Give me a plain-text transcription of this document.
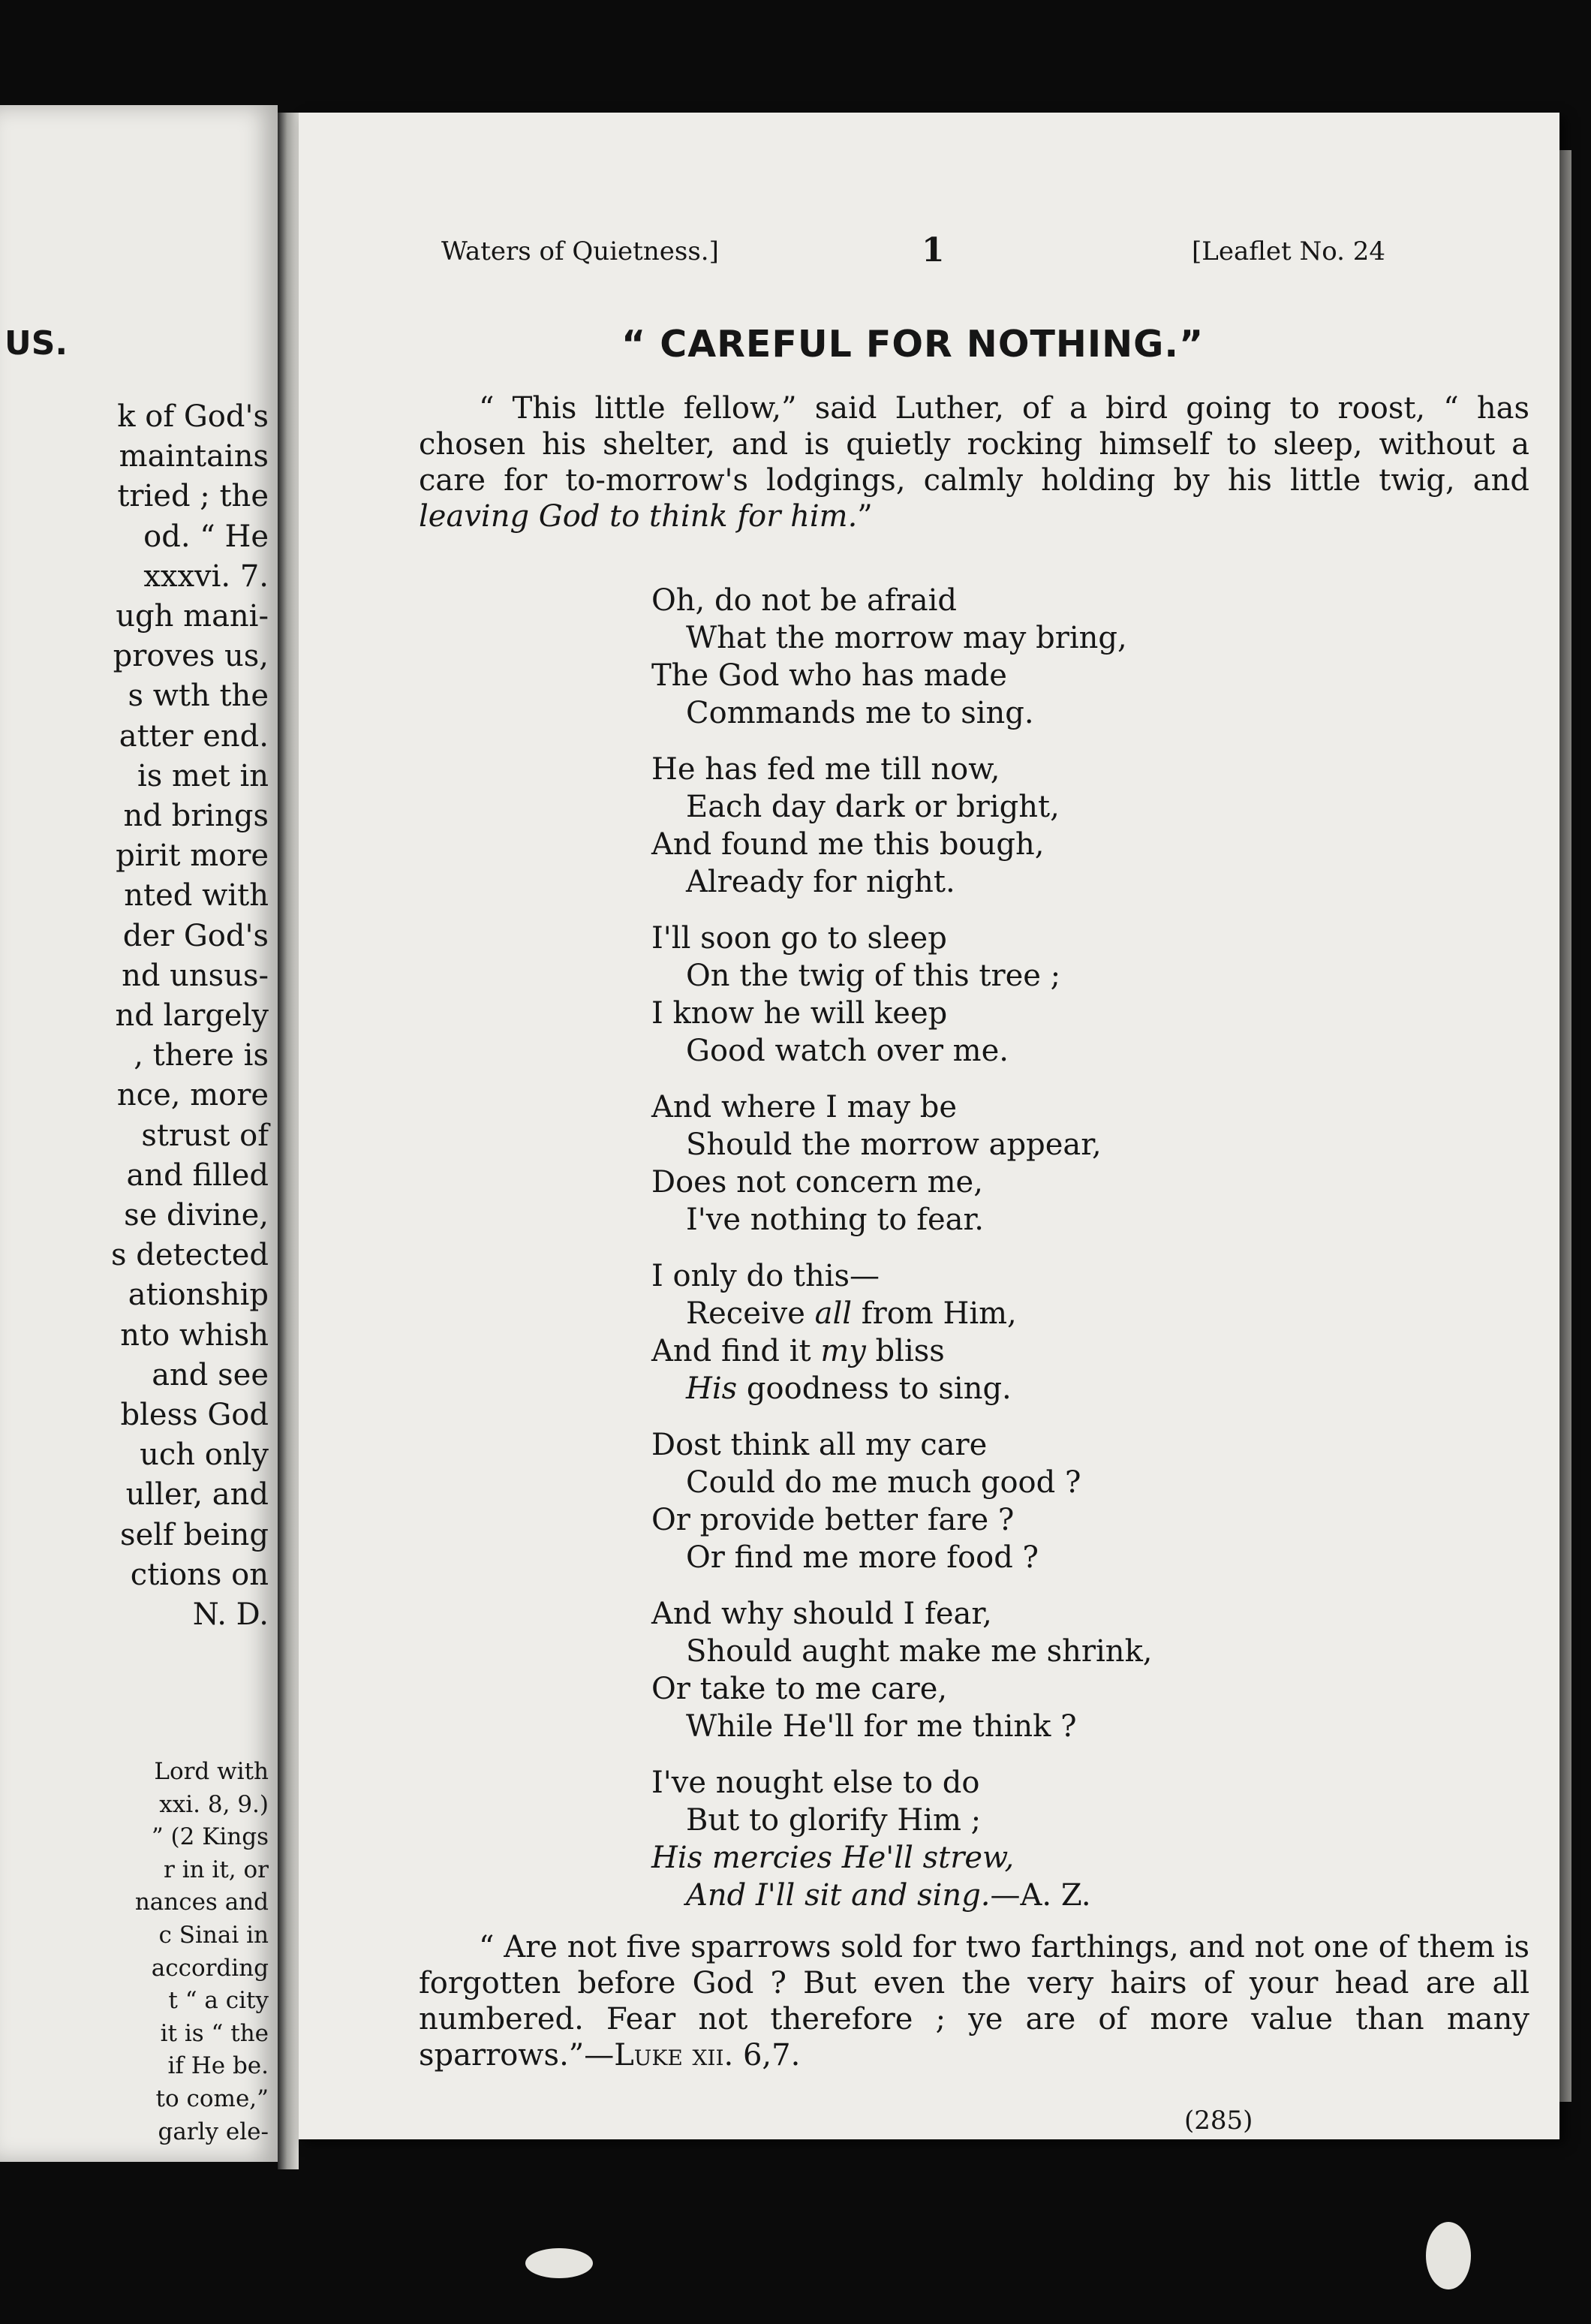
US.
k of God's
maintains
tried ; the
od. “ He
xxxvi. 7.
ugh mani-
proves us,
s wth the
atter end.
is met in
nd brings
pirit more
nted with
der God's
nd unsus-
nd largely
, there is
nce, more
strust of
and filled
se divine,
s detected
ationship
nto whish
and see
bless God
uch only
uller, and
self being
ctions on
N. D.
Lord with
xxi. 8, 9.)
” (2 Kings
r in it, or
nances and
c Sinai in
according
t “ a city
it is “ the
if He be.
to come,”
garly ele-
Waters of Quietness.]	1	[Leaflet No. 24
“ CAREFUL FOR NOTHING.”

“ This little fellow,” said Luther, of a bird going to roost, “ has chosen his shelter, and is quietly rocking himself to sleep, without a care for to-morrow's lodgings, calmly holding by his little twig, and leaving God to think for him.”

Oh, do not be afraid
What the morrow may bring,
The God who has made
Commands me to sing.
He has fed me till now,
Each day dark or bright,
And found me this bough,
Already for night.
I'll soon go to sleep
On the twig of this tree ;
I know he will keep
Good watch over me.
And where I may be
Should the morrow appear,
Does not concern me,
I've nothing to fear.
I only do this—
Receive all from Him,
And find it my bliss
His goodness to sing.
Dost think all my care
Could do me much good ?
Or provide better fare ?
Or find me more food ?
And why should I fear,
Should aught make me shrink,
Or take to me care,
While He'll for me think ?
I've nought else to do
But to glorify Him ;
His mercies He'll strew,
And I'll sit and sing.—A. Z.

“ Are not five sparrows sold for two farthings, and not one of them is forgotten before God ? But even the very hairs of your head are all numbered. Fear not therefore ; ye are of more value than many sparrows.”—Luke xii. 6,7.

(285)
